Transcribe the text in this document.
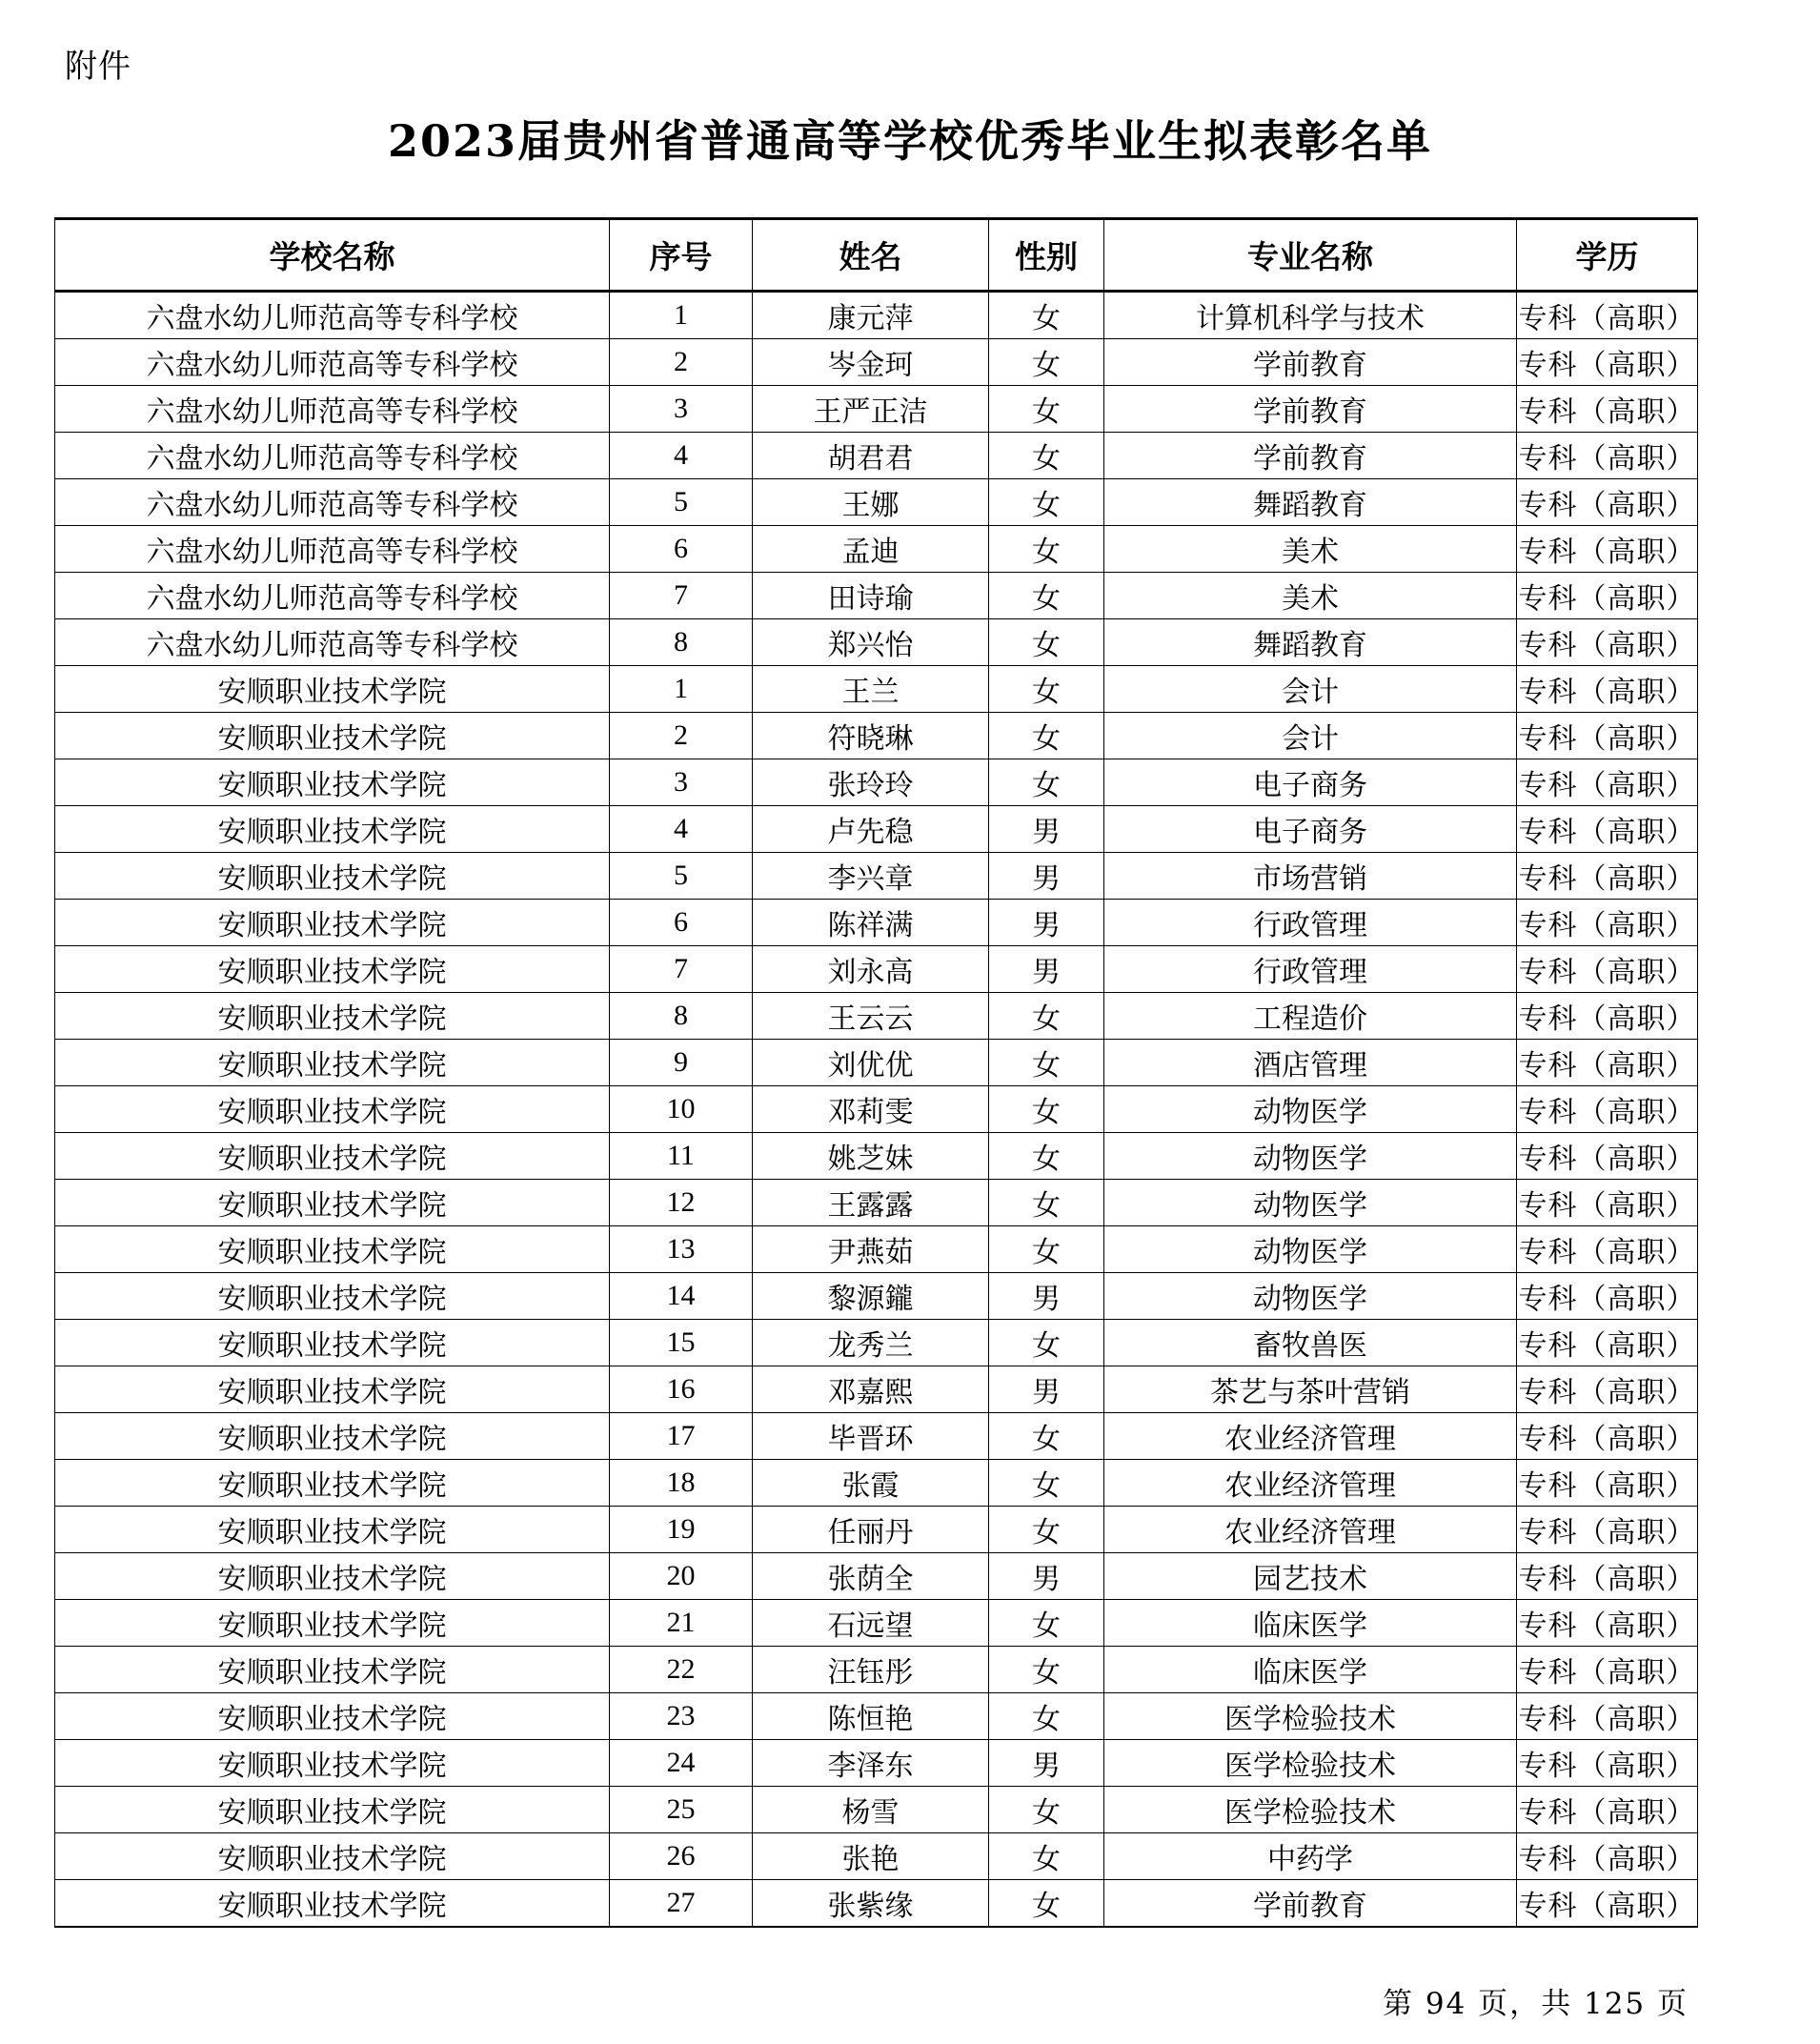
附件
2023届贵州省普通高等学校优秀毕业生拟表彰名单
学校名称	序号	姓名	性别	专业名称	学历
六盘水幼儿师范高等专科学校	1	康元萍	女	计算机科学与技术	专科（高职）
六盘水幼儿师范高等专科学校	2	岑金珂	女	学前教育	专科（高职）
六盘水幼儿师范高等专科学校	3	王严正洁	女	学前教育	专科（高职）
六盘水幼儿师范高等专科学校	4	胡君君	女	学前教育	专科（高职）
六盘水幼儿师范高等专科学校	5	王娜	女	舞蹈教育	专科（高职）
六盘水幼儿师范高等专科学校	6	孟迪	女	美术	专科（高职）
六盘水幼儿师范高等专科学校	7	田诗瑜	女	美术	专科（高职）
六盘水幼儿师范高等专科学校	8	郑兴怡	女	舞蹈教育	专科（高职）
安顺职业技术学院	1	王兰	女	会计	专科（高职）
安顺职业技术学院	2	符晓琳	女	会计	专科（高职）
安顺职业技术学院	3	张玲玲	女	电子商务	专科（高职）
安顺职业技术学院	4	卢先稳	男	电子商务	专科（高职）
安顺职业技术学院	5	李兴章	男	市场营销	专科（高职）
安顺职业技术学院	6	陈祥满	男	行政管理	专科（高职）
安顺职业技术学院	7	刘永高	男	行政管理	专科（高职）
安顺职业技术学院	8	王云云	女	工程造价	专科（高职）
安顺职业技术学院	9	刘优优	女	酒店管理	专科（高职）
安顺职业技术学院	10	邓莉雯	女	动物医学	专科（高职）
安顺职业技术学院	11	姚芝妹	女	动物医学	专科（高职）
安顺职业技术学院	12	王露露	女	动物医学	专科（高职）
安顺职业技术学院	13	尹燕茹	女	动物医学	专科（高职）
安顺职业技术学院	14	黎源鑨	男	动物医学	专科（高职）
安顺职业技术学院	15	龙秀兰	女	畜牧兽医	专科（高职）
安顺职业技术学院	16	邓嘉熙	男	茶艺与茶叶营销	专科（高职）
安顺职业技术学院	17	毕晋环	女	农业经济管理	专科（高职）
安顺职业技术学院	18	张霞	女	农业经济管理	专科（高职）
安顺职业技术学院	19	任丽丹	女	农业经济管理	专科（高职）
安顺职业技术学院	20	张荫全	男	园艺技术	专科（高职）
安顺职业技术学院	21	石远望	女	临床医学	专科（高职）
安顺职业技术学院	22	汪钰彤	女	临床医学	专科（高职）
安顺职业技术学院	23	陈恒艳	女	医学检验技术	专科（高职）
安顺职业技术学院	24	李泽东	男	医学检验技术	专科（高职）
安顺职业技术学院	25	杨雪	女	医学检验技术	专科（高职）
安顺职业技术学院	26	张艳	女	中药学	专科（高职）
安顺职业技术学院	27	张紫缘	女	学前教育	专科（高职）
第 94 页，共 125 页
